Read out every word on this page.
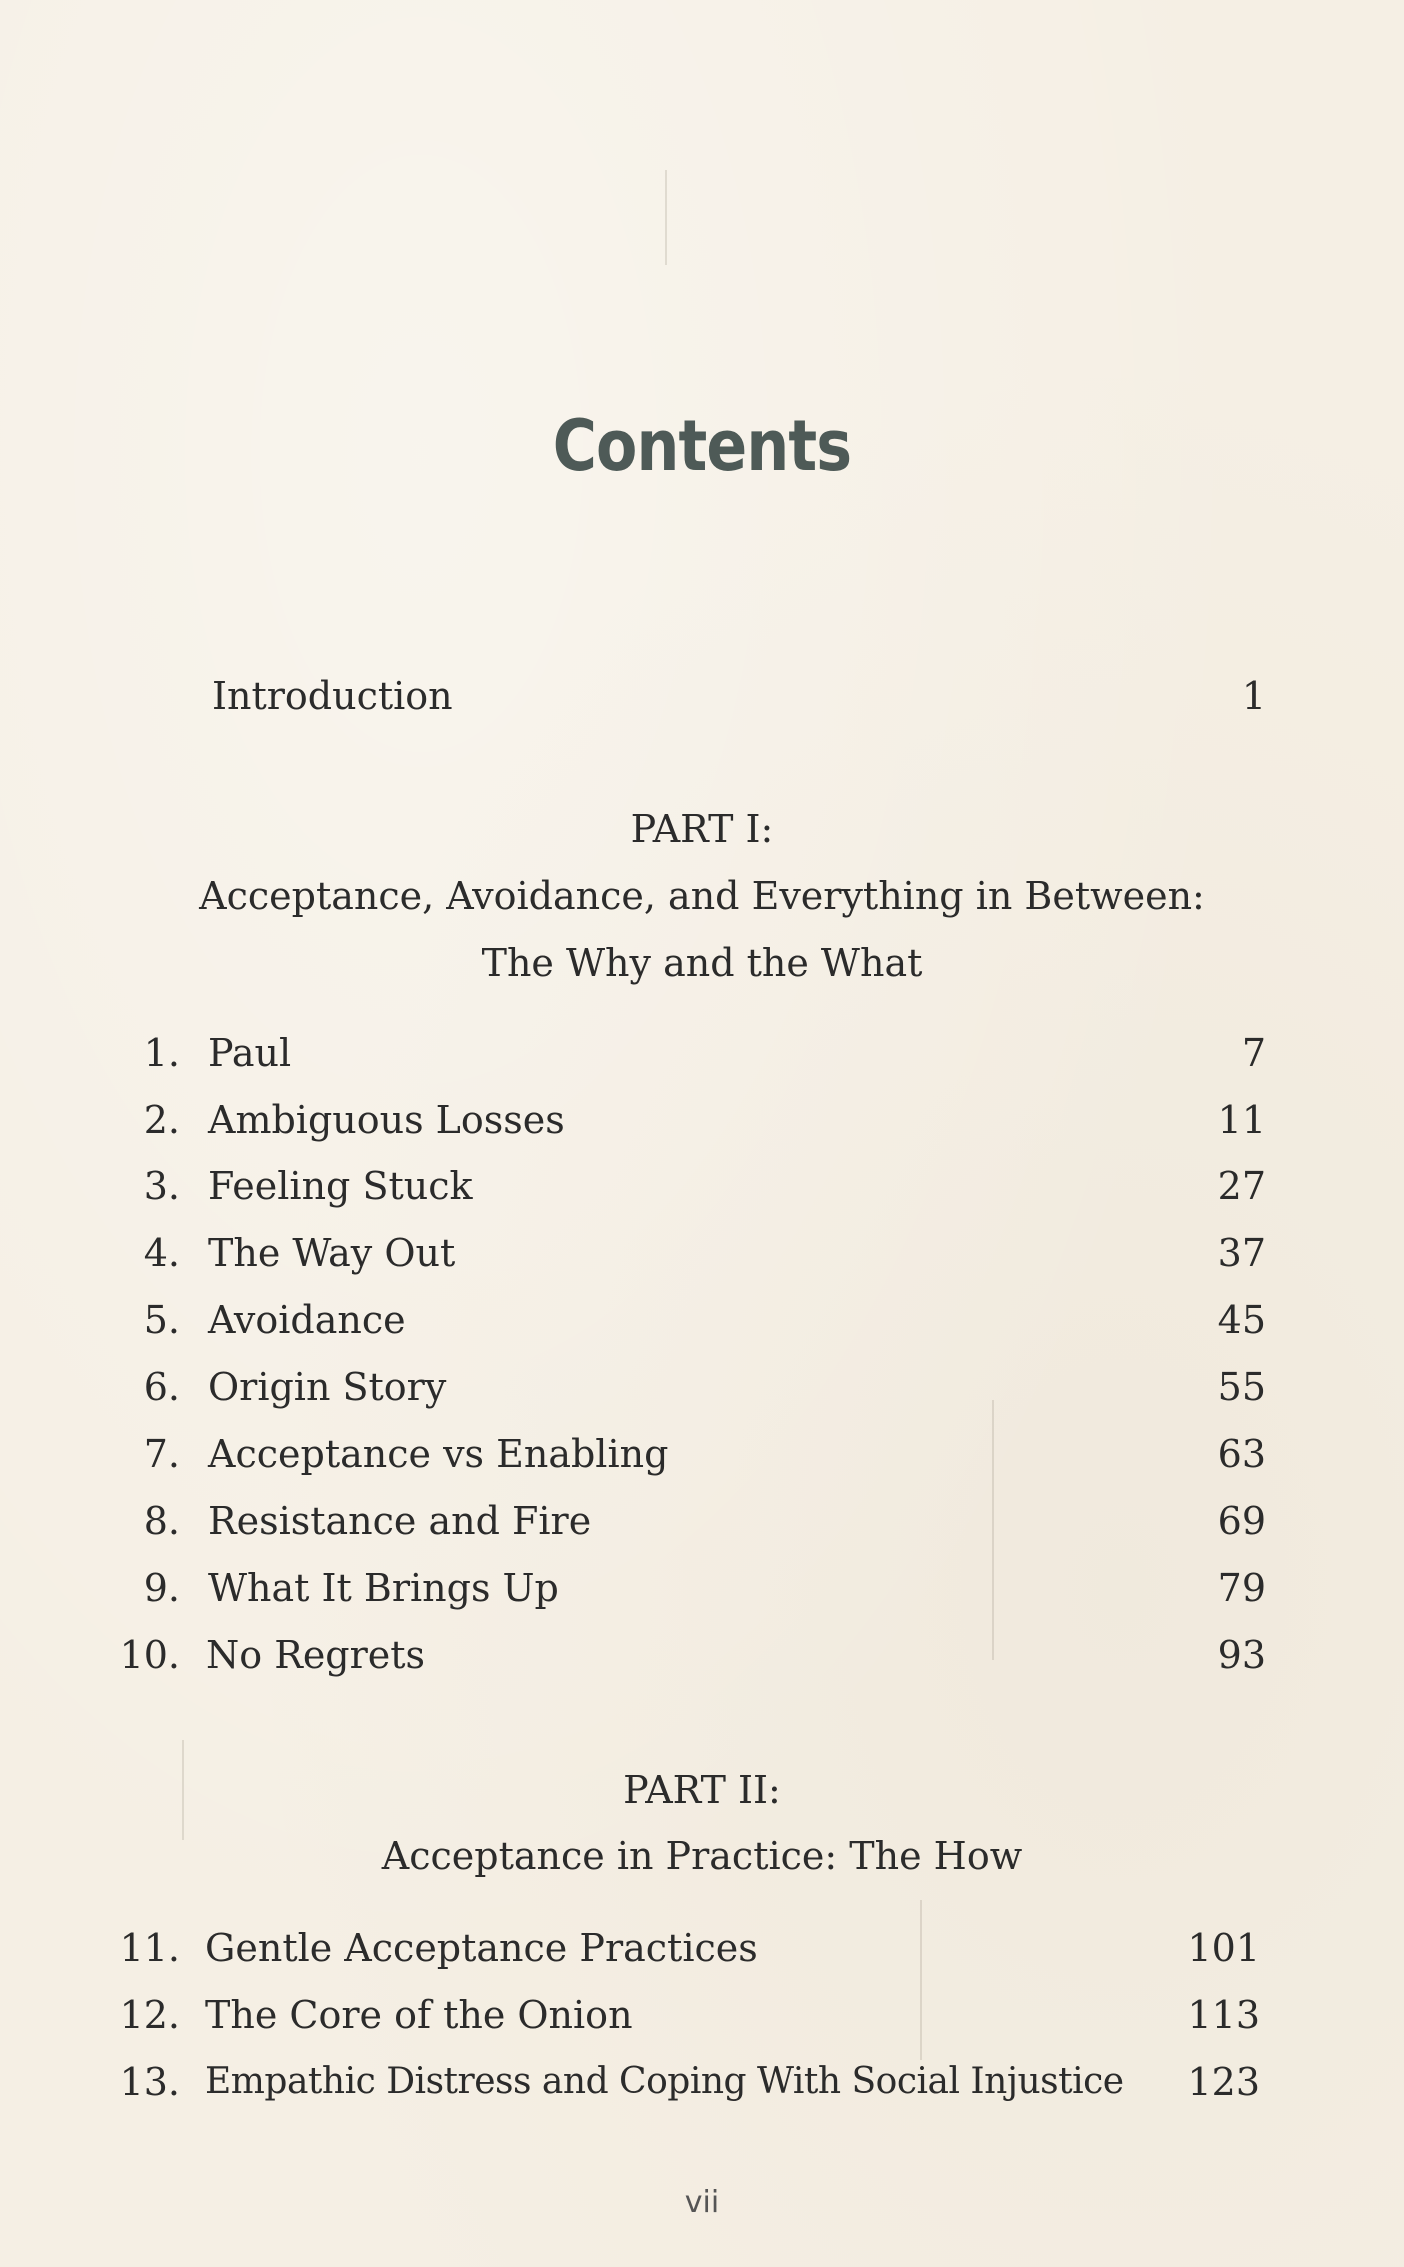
Contents
Introduction	1
PART I:
Acceptance, Avoidance, and Everything in Between:
The Why and the What
1. Paul	7
2. Ambiguous Losses	11
3. Feeling Stuck	27
4. The Way Out	37
5. Avoidance	45
6. Origin Story	55
7. Acceptance vs Enabling	63
8. Resistance and Fire	69
9. What It Brings Up	79
10. No Regrets	93
PART II:
Acceptance in Practice: The How
11. Gentle Acceptance Practices	101
12. The Core of the Onion	113
13. Empathic Distress and Coping With Social Injustice 123
vii
